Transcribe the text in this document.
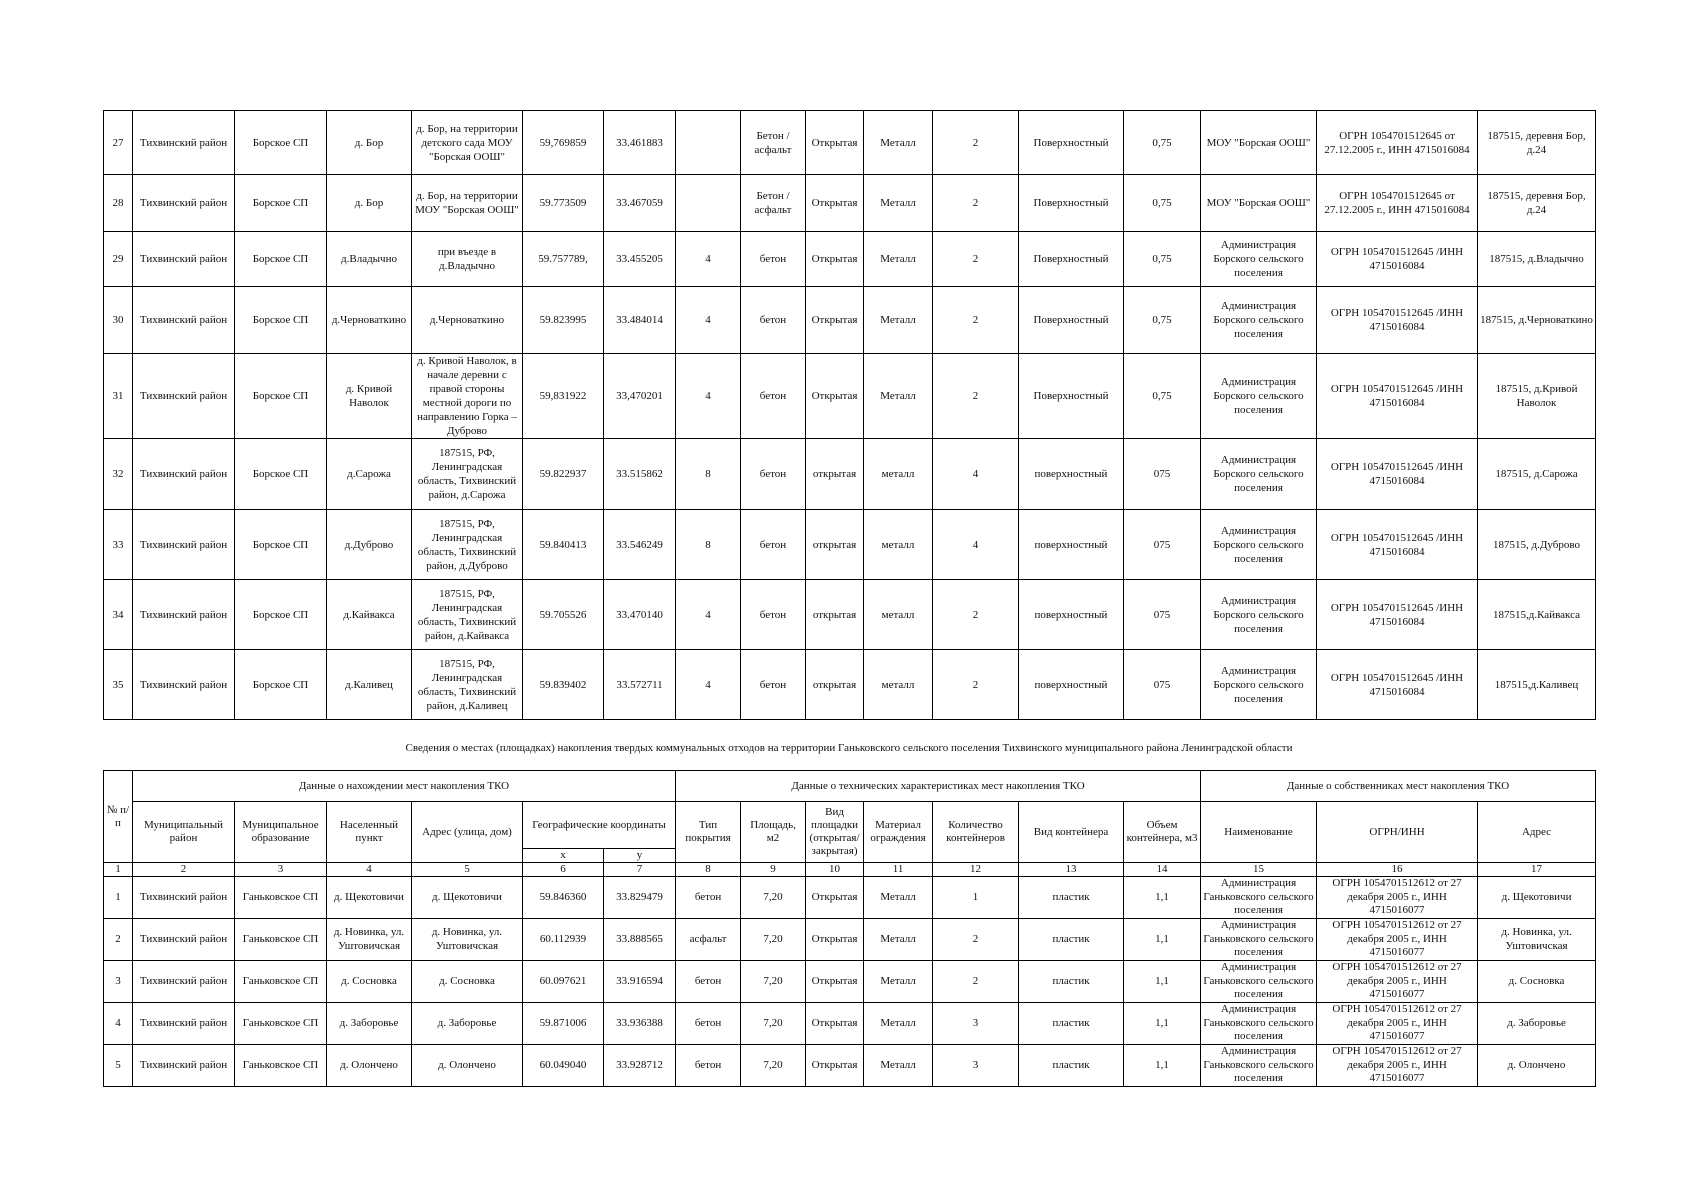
27	Тихвинский район	Борское СП	д. Бор	д. Бор, на территории детского сада МОУ "Борская ООШ"	59,769859	33.461883		Бетон / асфальт	Открытая	Металл	2	Поверхностный	0,75	МОУ "Борская ООШ"	ОГРН 1054701512645 от 27.12.2005 г., ИНН 4715016084	187515, деревня Бор, д.24
28	Тихвинский район	Борское СП	д. Бор	д. Бор, на территории МОУ "Борская ООШ"	59.773509	33.467059		Бетон / асфальт	Открытая	Металл	2	Поверхностный	0,75	МОУ "Борская ООШ"	ОГРН 1054701512645 от 27.12.2005 г., ИНН 4715016084	187515, деревня Бор, д.24
29	Тихвинский район	Борское СП	д.Владычно	при въезде в д.Владычно	59.757789,	33.455205	4	бетон	Открытая	Металл	2	Поверхностный	0,75	Администрация Борского сельского поселения	ОГРН 1054701512645 /ИНН 4715016084	187515, д.Владычно
30	Тихвинский район	Борское СП	д.Черноваткино	д.Черноваткино	59.823995	33.484014	4	бетон	Открытая	Металл	2	Поверхностный	0,75	Администрация Борского сельского поселения	ОГРН 1054701512645 /ИНН 4715016084	187515, д.Черноваткино
31	Тихвинский район	Борское СП	д. Кривой Наволок	д. Кривой Наволок, в начале деревни с правой стороны местной дороги по направлению Горка – Дуброво	59,831922	33,470201	4	бетон	Открытая	Металл	2	Поверхностный	0,75	Администрация Борского сельского поселения	ОГРН 1054701512645 /ИНН 4715016084	187515, д.Кривой Наволок
32	Тихвинский район	Борское СП	д.Сарожа	187515, РФ, Ленинградская область, Тихвинский район, д.Сарожа	59.822937	33.515862	8	бетон	открытая	металл	4	поверхностный	075	Администрация Борского сельского поселения	ОГРН 1054701512645 /ИНН 4715016084	187515, д.Сарожа
33	Тихвинский район	Борское СП	д.Дуброво	187515, РФ, Ленинградская область, Тихвинский район, д.Дуброво	59.840413	33.546249	8	бетон	открытая	металл	4	поверхностный	075	Администрация Борского сельского поселения	ОГРН 1054701512645 /ИНН 4715016084	187515, д.Дуброво
34	Тихвинский район	Борское СП	д.Кайвакса	187515, РФ, Ленинградская область, Тихвинский район, д.Кайвакса	59.705526	33.470140	4	бетон	открытая	металл	2	поверхностный	075	Администрация Борского сельского поселения	ОГРН 1054701512645 /ИНН 4715016084	187515,д.Кайвакса
35	Тихвинский район	Борское СП	д.Каливец	187515, РФ, Ленинградская область, Тихвинский район, д.Каливец	59.839402	33.572711	4	бетон	открытая	металл	2	поверхностный	075	Администрация Борского сельского поселения	ОГРН 1054701512645 /ИНН 4715016084	187515,д.Каливец
Сведения о местах (площадках) накопления твердых коммунальных отходов на территории Ганьковского сельского поселения Тихвинского муниципального района Ленинградской области
№ п/п	Данные о нахождении мест накопления ТКО						Данные о технических характеристиках мест накопления ТКО							Данные о собственниках мест накопления ТКО		
	Муниципальный район	Муниципальное образование	Населенный пункт	Адрес (улица, дом)	Географические координаты		Тип покрытия	Площадь, м2	Вид площадки (открытая/ закрытая)	Материал ограждения	Количество контейнеров	Вид контейнера	Объем контейнера, м3	Наименование	ОГРН/ИНН	Адрес
					х	у										
1	2	3	4	5	6	7	8	9	10	11	12	13	14	15	16	17
1	Тихвинский район	Ганьковское СП	д. Щекотовичи	д. Щекотовичи	59.846360	33.829479	бетон	7,20	Открытая	Металл	1	пластик	1,1	Администрация Ганьковского сельского поселения	ОГРН 1054701512612 от 27 декабря 2005 г., ИНН 4715016077	д. Щекотовичи
2	Тихвинский район	Ганьковское СП	д. Новинка, ул. Уштовичская	д. Новинка, ул. Уштовичская	60.112939	33.888565	асфальт	7,20	Открытая	Металл	2	пластик	1,1	Администрация Ганьковского сельского поселения	ОГРН 1054701512612 от 27 декабря 2005 г., ИНН 4715016077	д. Новинка, ул. Уштовичская
3	Тихвинский район	Ганьковское СП	д. Сосновка	д. Сосновка	60.097621	33.916594	бетон	7,20	Открытая	Металл	2	пластик	1,1	Администрация Ганьковского сельского поселения	ОГРН 1054701512612 от 27 декабря 2005 г., ИНН 4715016077	д. Сосновка
4	Тихвинский район	Ганьковское СП	д. Заборовье	д. Заборовье	59.871006	33.936388	бетон	7,20	Открытая	Металл	3	пластик	1,1	Администрация Ганьковского сельского поселения	ОГРН 1054701512612 от 27 декабря 2005 г., ИНН 4715016077	д. Заборовье
5	Тихвинский район	Ганьковское СП	д. Олончено	д. Олончено	60.049040	33.928712	бетон	7,20	Открытая	Металл	3	пластик	1,1	Администрация Ганьковского сельского поселения	ОГРН 1054701512612 от 27 декабря 2005 г., ИНН 4715016077	д. Олончено
